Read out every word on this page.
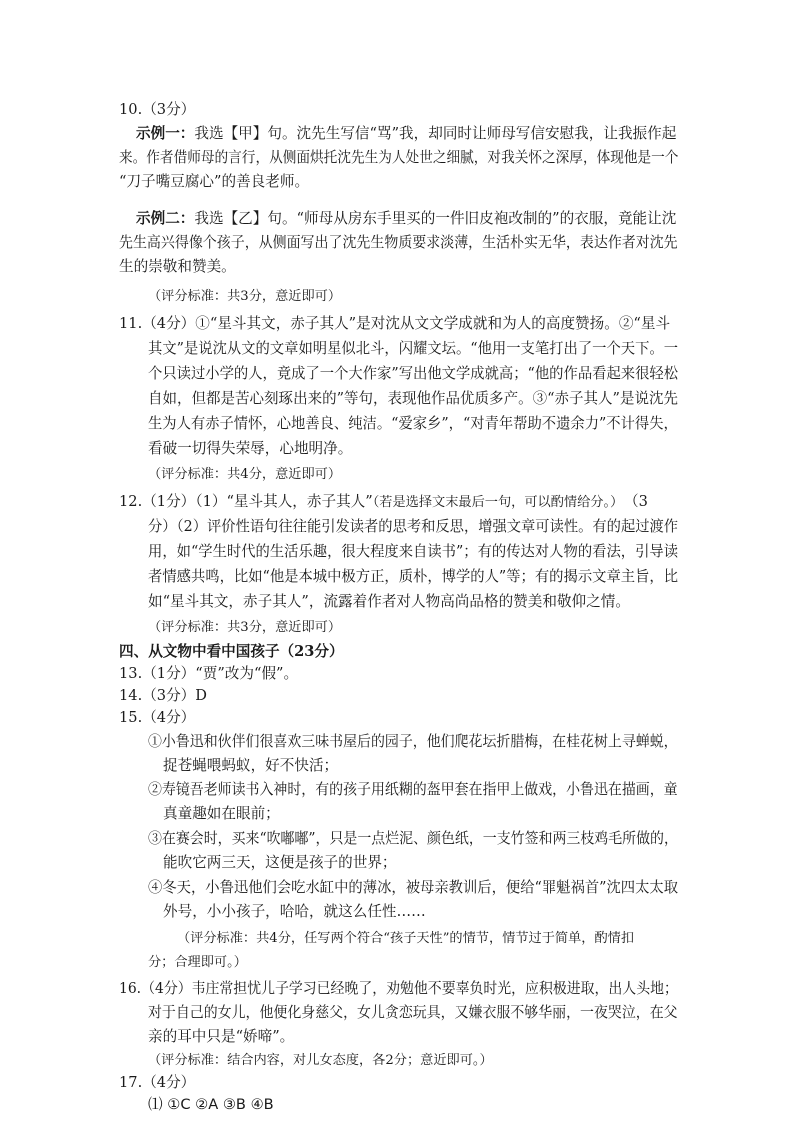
10.（3分）
示例一：我选【甲】句。沈先生写信“骂”我，却同时让师母写信安慰我，让我振作起
来。作者借师母的言行，从侧面烘托沈先生为人处世之细腻，对我关怀之深厚，体现他是一个
“刀子嘴豆腐心”的善良老师。
示例二：我选【乙】句。“师母从房东手里买的一件旧皮袍改制的”的衣服，竟能让沈
先生高兴得像个孩子，从侧面写出了沈先生物质要求淡薄，生活朴实无华，表达作者对沈先
生的崇敬和赞美。
（评分标准：共3分，意近即可）
11.（4分）①“星斗其文，赤子其人”是对沈从文文学成就和为人的高度赞扬。②“星斗
其文”是说沈从文的文章如明星似北斗，闪耀文坛。“他用一支笔打出了一个天下。一
个只读过小学的人，竟成了一个大作家”写出他文学成就高；“他的作品看起来很轻松
自如，但都是苦心刻琢出来的”等句，表现他作品优质多产。③“赤子其人”是说沈先
生为人有赤子情怀，心地善良、纯洁。“爱家乡”，“对青年帮助不遗余力”不计得失，
看破一切得失荣辱，心地明净。
（评分标准：共4分，意近即可）
12.（1分）（1）“星斗其人，赤子其人”（若是选择文末最后一句，可以酌情给分。） （3
分）（2）评价性语句往往能引发读者的思考和反思，增强文章可读性。有的起过渡作
用，如“学生时代的生活乐趣，很大程度来自读书”；有的传达对人物的看法，引导读
者情感共鸣，比如“他是本城中极方正，质朴，博学的人”等；有的揭示文章主旨，比
如“星斗其文，赤子其人”，流露着作者对人物高尚品格的赞美和敬仰之情。
（评分标准：共3分，意近即可）
四、从文物中看中国孩子（23分）
13.（1分）“贾”改为“假”。
14.（3分）D
15.（4分）
①小鲁迅和伙伴们很喜欢三味书屋后的园子，他们爬花坛折腊梅，在桂花树上寻蝉蜕，
捉苍蝇喂蚂蚁，好不快活；
②寿镜吾老师读书入神时，有的孩子用纸糊的盔甲套在指甲上做戏，小鲁迅在描画，童
真童趣如在眼前；
③在赛会时，买来“吹嘟嘟”，只是一点烂泥、颜色纸，一支竹签和两三枝鸡毛所做的，
能吹它两三天，这便是孩子的世界；
④冬天，小鲁迅他们会吃水缸中的薄冰，被母亲教训后，便给“罪魁祸首”沈四太太取
外号，小小孩子，哈哈，就这么任性……
（评分标准：共4分，任写两个符合“孩子天性”的情节，情节过于简单，酌情扣
分；合理即可。）
16.（4分）韦庄常担忧儿子学习已经晚了，劝勉他不要辜负时光，应积极进取，出人头地；
对于自己的女儿，他便化身慈父，女儿贪恋玩具，又嫌衣服不够华丽，一夜哭泣，在父
亲的耳中只是“娇啼”。
（评分标准：结合内容，对儿女态度，各2分；意近即可。）
17.（4分）
⑴ ①C ②A ③B ④B
